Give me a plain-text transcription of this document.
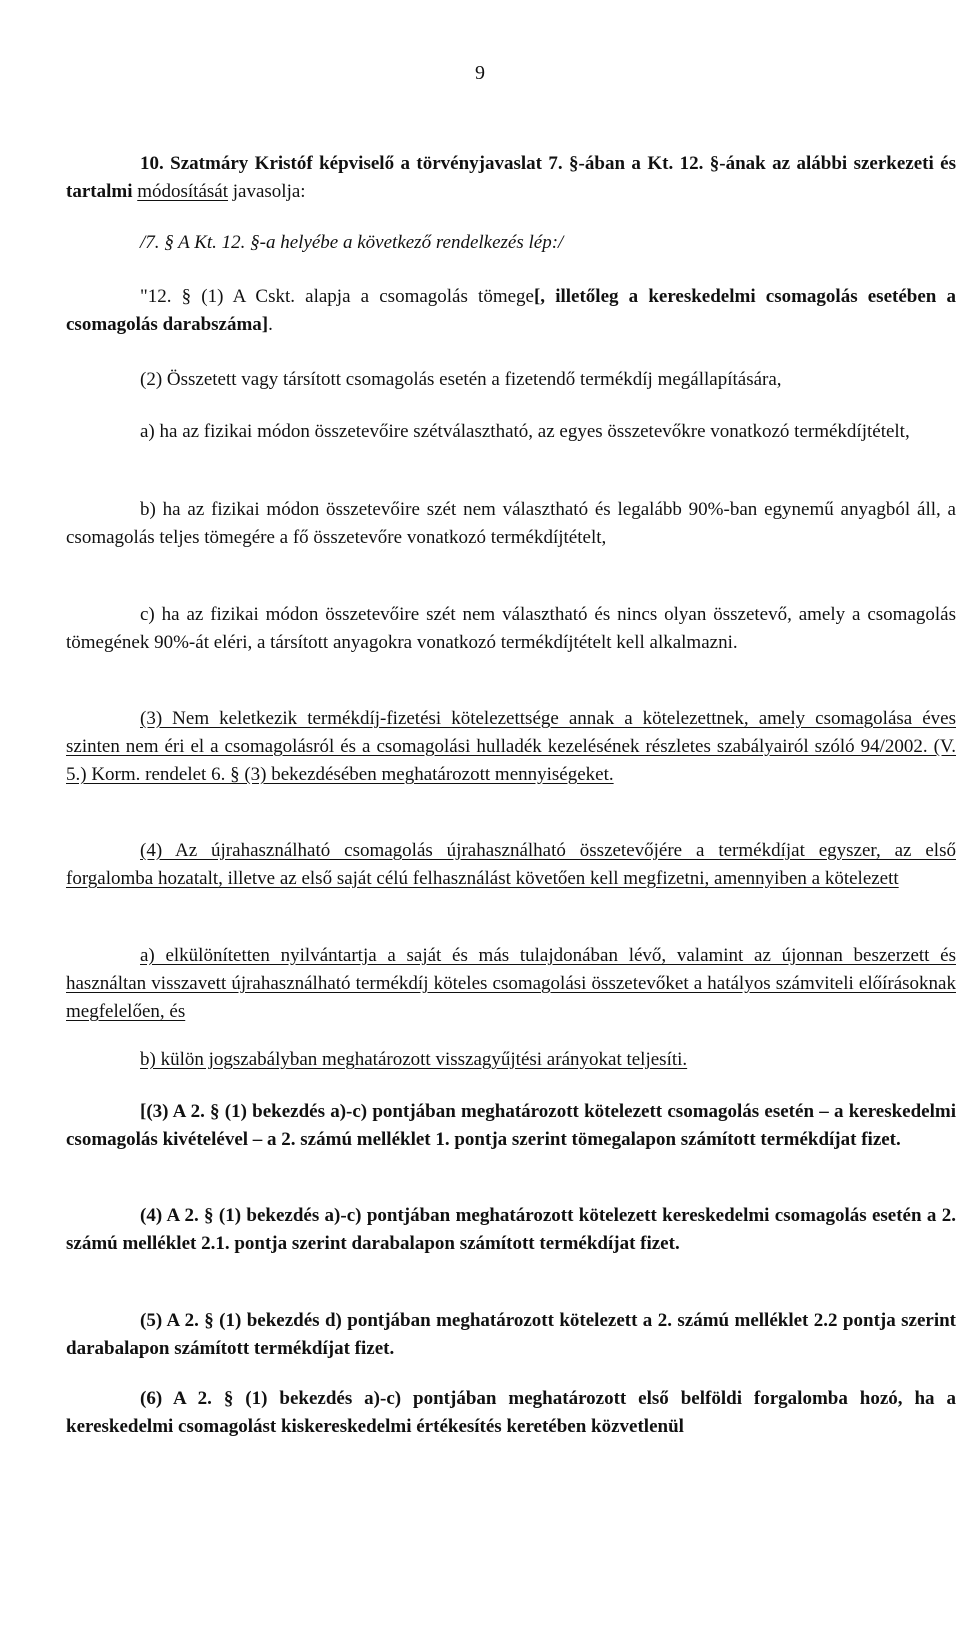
9
10. Szatmáry Kristóf képviselő a törvényjavaslat 7. §-ában a Kt. 12. §-ának az alábbi szerkezeti és tartalmi módosítását javasolja:
/7. § A Kt. 12. §-a helyébe a következő rendelkezés lép:/
"12. § (1) A Cskt. alapja a csomagolás tömege[, illetőleg a kereskedelmi csomagolás esetében a csomagolás darabszáma].
(2) Összetett vagy társított csomagolás esetén a fizetendő termékdíj megállapítására,
a) ha az fizikai módon összetevőire szétválasztható, az egyes összetevőkre vonatkozó termékdíjtételt,
b) ha az fizikai módon összetevőire szét nem választható és legalább 90%-ban egynemű anyagból áll, a csomagolás teljes tömegére a fő összetevőre vonatkozó termékdíjtételt,
c) ha az fizikai módon összetevőire szét nem választható és nincs olyan összetevő, amely a csomagolás tömegének 90%-át eléri, a társított anyagokra vonatkozó termékdíjtételt kell alkalmazni.
(3) Nem keletkezik termékdíj-fizetési kötelezettsége annak a kötelezettnek, amely csomagolása éves szinten nem éri el a csomagolásról és a csomagolási hulladék kezelésének részletes szabályairól szóló 94/2002. (V. 5.) Korm. rendelet 6. § (3) bekezdésében meghatározott mennyiségeket.
(4) Az újrahasználható csomagolás újrahasználható összetevőjére a termékdíjat egyszer, az első forgalomba hozatalt, illetve az első saját célú felhasználást követően kell megfizetni, amennyiben a kötelezett
a) elkülönítetten nyilvántartja a saját és más tulajdonában lévő, valamint az újonnan beszerzett és használtan visszavett újrahasználható termékdíj köteles csomagolási összetevőket a hatályos számviteli előírásoknak megfelelően, és
b) külön jogszabályban meghatározott visszagyűjtési arányokat teljesíti.
[(3) A 2. § (1) bekezdés a)-c) pontjában meghatározott kötelezett csomagolás esetén – a kereskedelmi csomagolás kivételével – a 2. számú melléklet 1. pontja szerint tömegalapon számított termékdíjat fizet.
(4) A 2. § (1) bekezdés a)-c) pontjában meghatározott kötelezett kereskedelmi csomagolás esetén a 2. számú melléklet 2.1. pontja szerint darabalapon számított termékdíjat fizet.
(5) A 2. § (1) bekezdés d) pontjában meghatározott kötelezett a 2. számú melléklet 2.2 pontja szerint darabalapon számított termékdíjat fizet.
(6) A 2. § (1) bekezdés a)-c) pontjában meghatározott első belföldi forgalomba hozó, ha a kereskedelmi csomagolást kiskereskedelmi értékesítés keretében közvetlenül
